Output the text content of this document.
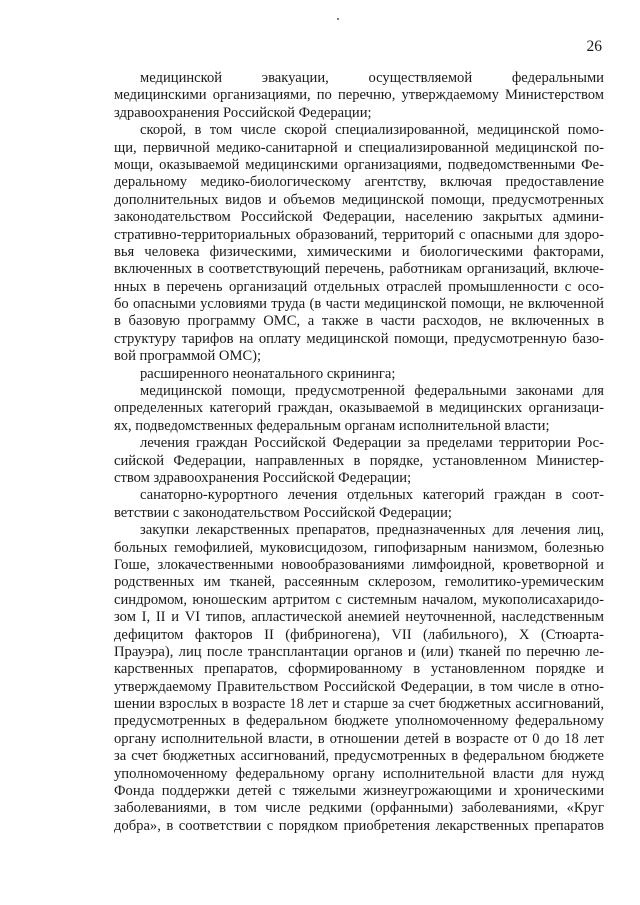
26
медицинской эвакуации, осуществляемой федеральными
медицинскими организациями, по перечню, утверждаемому Министерством
здравоохранения Российской Федерации;
скорой, в том числе скорой специализированной, медицинской помо-
щи, первичной медико-санитарной и специализированной медицинской по-
мощи, оказываемой медицинскими организациями, подведомственными Фе-
деральному медико-биологическому агентству, включая предоставление
дополнительных видов и объемов медицинской помощи, предусмотренных
законодательством Российской Федерации, населению закрытых админи-
стративно-территориальных образований, территорий с опасными для здоро-
вья человека физическими, химическими и биологическими факторами,
включенных в соответствующий перечень, работникам организаций, включе-
нных в перечень организаций отдельных отраслей промышленности с осо-
бо опасными условиями труда (в части медицинской помощи, не включенной
в базовую программу ОМС, а также в части расходов, не включенных в
структуру тарифов на оплату медицинской помощи, предусмотренную базо-
вой программой ОМС);
расширенного неонатального скрининга;
медицинской помощи, предусмотренной федеральными законами для
определенных категорий граждан, оказываемой в медицинских организаци-
ях, подведомственных федеральным органам исполнительной власти;
лечения граждан Российской Федерации за пределами территории Рос-
сийской Федерации, направленных в порядке, установленном Министер-
ством здравоохранения Российской Федерации;
санаторно-курортного лечения отдельных категорий граждан в соот-
ветствии с законодательством Российской Федерации;
закупки лекарственных препаратов, предназначенных для лечения лиц,
больных гемофилией, муковисцидозом, гипофизарным нанизмом, болезнью
Гоше, злокачественными новообразованиями лимфоидной, кроветворной и
родственных им тканей, рассеянным склерозом, гемолитико-уремическим
синдромом, юношеским артритом с системным началом, мукополисахаридо-
зом I, II и VI типов, апластической анемией неуточненной, наследственным
дефицитом факторов II (фибриногена), VII (лабильного), X (Стюарта-
Прауэра), лиц после трансплантации органов и (или) тканей по перечню ле-
карственных препаратов, сформированному в установленном порядке и
утверждаемому Правительством Российской Федерации, в том числе в отно-
шении взрослых в возрасте 18 лет и старше за счет бюджетных ассигнований,
предусмотренных в федеральном бюджете уполномоченному федеральному
органу исполнительной власти, в отношении детей в возрасте от 0 до 18 лет
за счет бюджетных ассигнований, предусмотренных в федеральном бюджете
уполномоченному федеральному органу исполнительной власти для нужд
Фонда поддержки детей с тяжелыми жизнеугрожающими и хроническими
заболеваниями, в том числе редкими (орфанными) заболеваниями, «Круг
добра», в соответствии с порядком приобретения лекарственных препаратов
